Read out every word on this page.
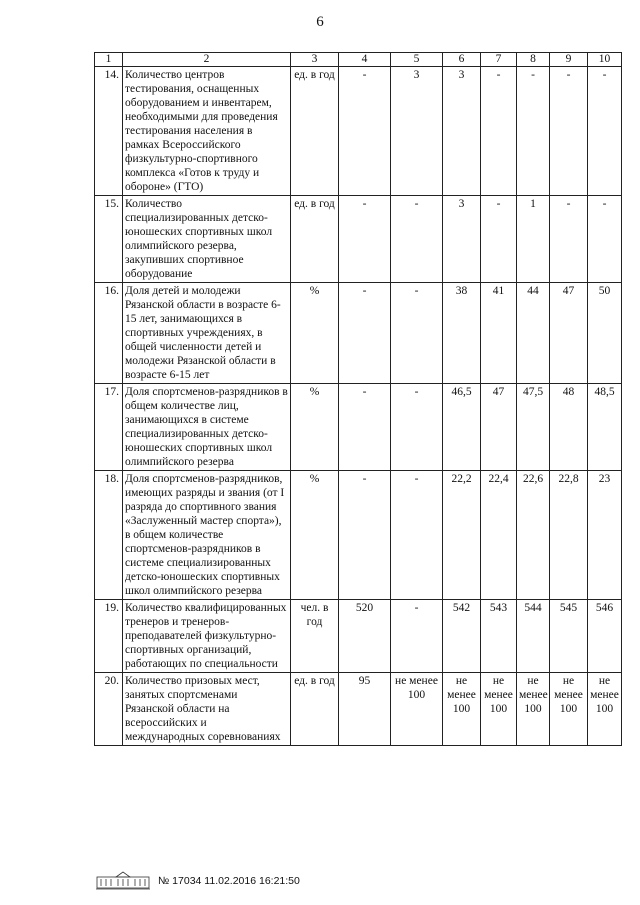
6
1	2	3	4	5	6	7	8	9	10
14.	Количество центров тестирования, оснащенных оборудованием и инвентарем, необходимыми для проведения тестирования населения в рамках Всероссийского физкультурно-спортивного комплекса «Готов к труду и обороне» (ГТО)	ед. в год	-	3	3	-	-	-	-
15.	Количество специализированных детско-юношеских спортивных школ олимпийского резерва, закупивших спортивное оборудование	ед. в год	-	-	3	-	1	-	-
16.	Доля детей и молодежи Рязанской области в возрасте 6-15 лет, занимающихся в спортивных учреждениях, в общей численности детей и молодежи Рязанской области в возрасте 6-15 лет	%	-	-	38	41	44	47	50
17.	Доля спортсменов-разрядников в общем количестве лиц, занимающихся в системе специализированных детско-юношеских спортивных школ олимпийского резерва	%	-	-	46,5	47	47,5	48	48,5
18.	Доля спортсменов-разрядников, имеющих разряды и звания (от I разряда до спортивного звания «Заслуженный мастер спорта»), в общем количестве спортсменов-разрядников в системе специализированных детско-юношеских спортивных школ олимпийского резерва	%	-	-	22,2	22,4	22,6	22,8	23
19.	Количество квалифицированных тренеров и тренеров-преподавателей физкультурно-спортивных организаций, работающих по специальности	чел. в год	520	-	542	543	544	545	546
20.	Количество призовых мест, занятых спортсменами Рязанской области на всероссийских и международных соревнованиях	ед. в год	95	не менее 100	не менее 100	не менее 100	не менее 100	не менее 100	не менее 100
№ 17034 11.02.2016 16:21:50
